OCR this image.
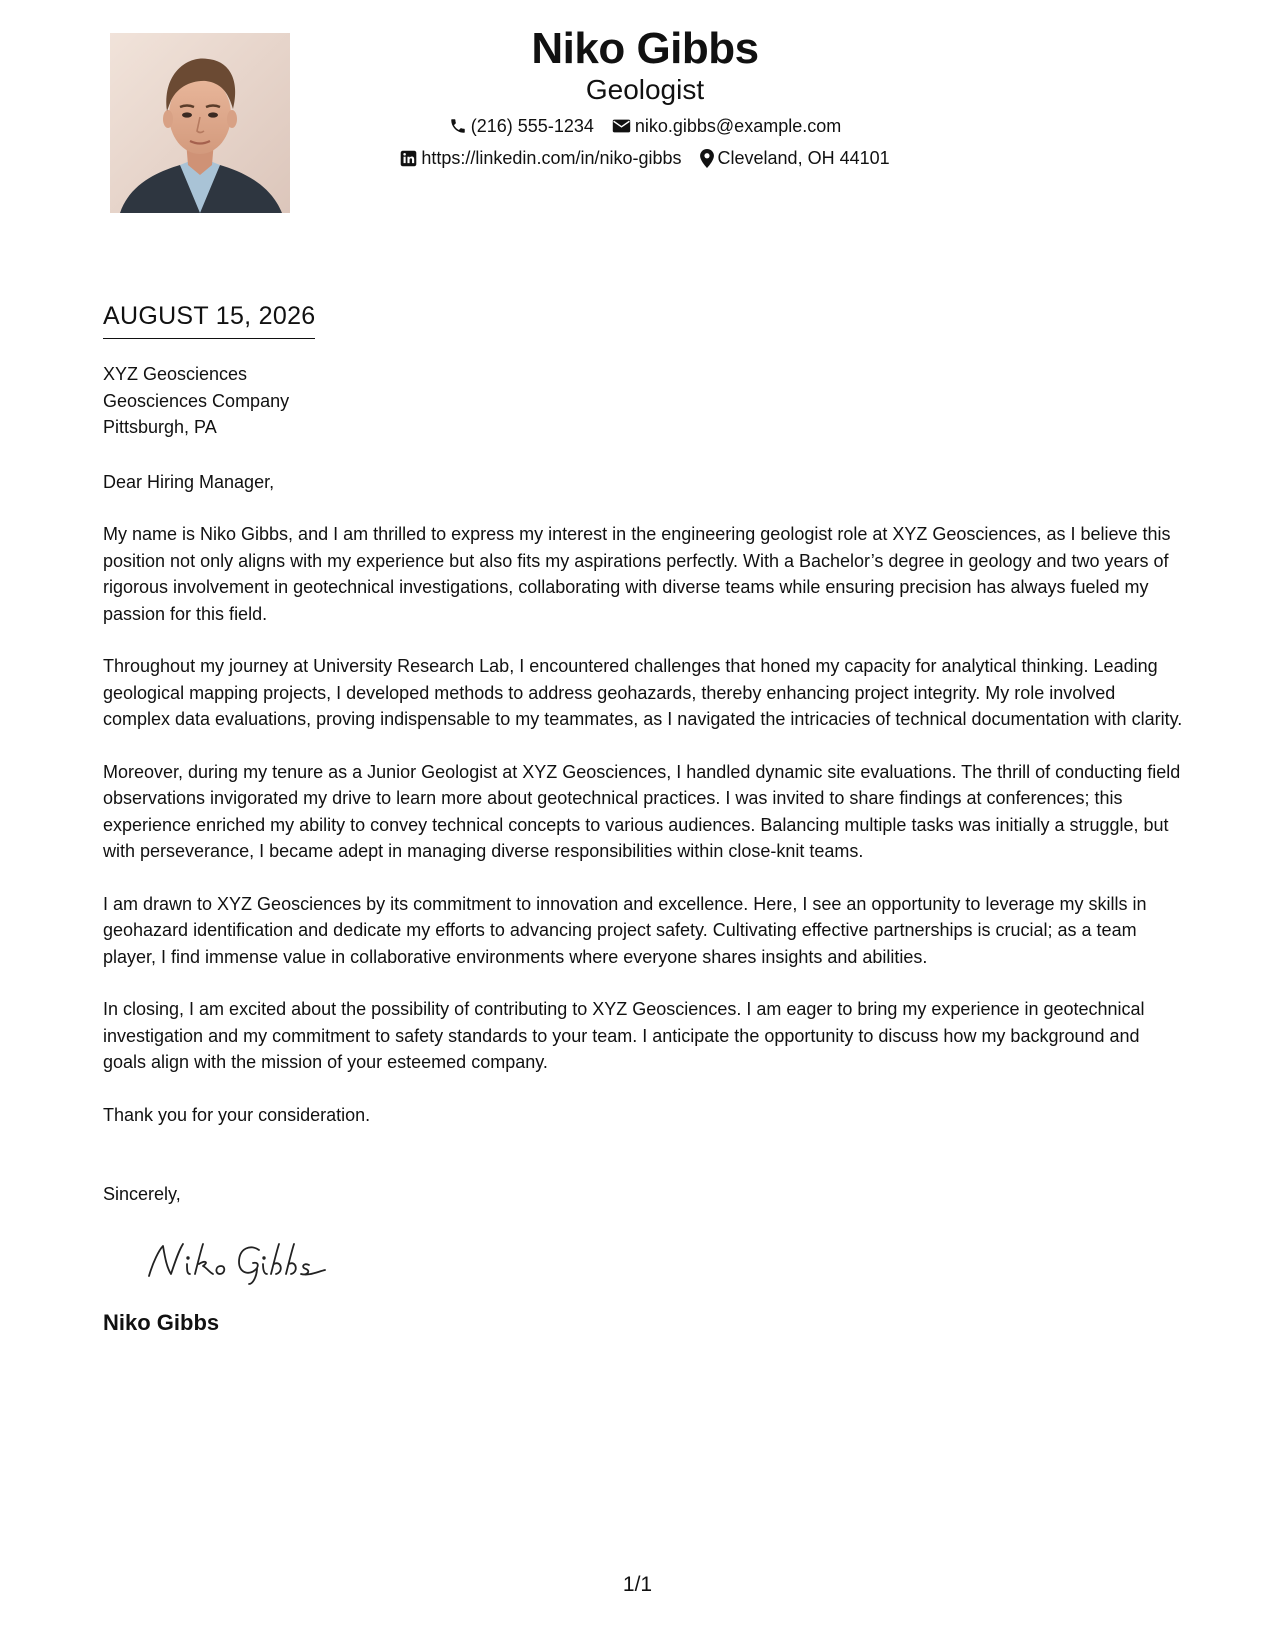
Niko Gibbs
Geologist
(216) 555-1234 niko.gibbs@example.com
https://linkedin.com/in/niko-gibbs Cleveland, OH 44101
AUGUST 15, 2026
XYZ Geosciences
Geosciences Company
Pittsburgh, PA
Dear Hiring Manager,
My name is Niko Gibbs, and I am thrilled to express my interest in the engineering geologist role at XYZ Geosciences, as I believe this position not only aligns with my experience but also fits my aspirations perfectly. With a Bachelor’s degree in geology and two years of rigorous involvement in geotechnical investigations, collaborating with diverse teams while ensuring precision has always fueled my passion for this field.
Throughout my journey at University Research Lab, I encountered challenges that honed my capacity for analytical thinking. Leading geological mapping projects, I developed methods to address geohazards, thereby enhancing project integrity. My role involved complex data evaluations, proving indispensable to my teammates, as I navigated the intricacies of technical documentation with clarity.
Moreover, during my tenure as a Junior Geologist at XYZ Geosciences, I handled dynamic site evaluations. The thrill of conducting field observations invigorated my drive to learn more about geotechnical practices. I was invited to share findings at conferences; this experience enriched my ability to convey technical concepts to various audiences. Balancing multiple tasks was initially a struggle, but with perseverance, I became adept in managing diverse responsibilities within close-knit teams.
I am drawn to XYZ Geosciences by its commitment to innovation and excellence. Here, I see an opportunity to leverage my skills in geohazard identification and dedicate my efforts to advancing project safety. Cultivating effective partnerships is crucial; as a team player, I find immense value in collaborative environments where everyone shares insights and abilities.
In closing, I am excited about the possibility of contributing to XYZ Geosciences. I am eager to bring my experience in geotechnical investigation and my commitment to safety standards to your team. I anticipate the opportunity to discuss how my background and goals align with the mission of your esteemed company.
Thank you for your consideration.
Sincerely,
Niko Gibbs
1/1
